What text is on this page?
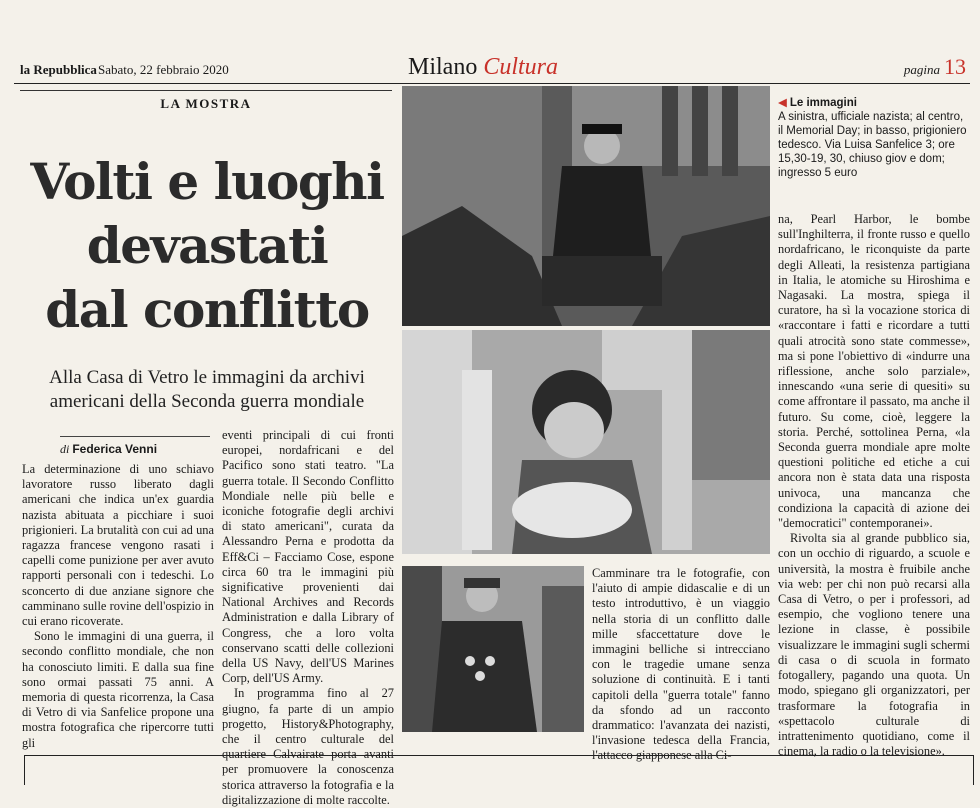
la Repubblica Sabato, 22 febbraio 2020	Milano Cultura	pagina 13
LA MOSTRA
Volti e luoghi
devastati
dal conflitto
Alla Casa di Vetro le immagini da archivi americani della Seconda guerra mondiale
di Federica Venni

La determinazione di uno schiavo lavoratore russo liberato dagli americani che indica un'ex guardia nazista abituata a picchiare i suoi prigionieri. La brutalità con cui ad una ragazza francese vengono rasati i capelli come punizione per aver avuto rapporti personali con i tedeschi. Lo sconcerto di due anziane signore che camminano sulle rovine dell'ospizio in cui erano ricoverate.

Sono le immagini di una guerra, il secondo conflitto mondiale, che non ha conosciuto limiti. E dalla sua fine sono ormai passati 75 anni. A memoria di questa ricorrenza, la Casa di Vetro di via Sanfelice propone una mostra fotografica che ripercorre tutti gli

eventi principali di cui fronti europei, nordafricani e del Pacifico sono stati teatro. "La guerra totale. Il Secondo Conflitto Mondiale nelle più belle e iconiche fotografie degli archivi di stato americani", curata da Alessandro Perna e prodotta da Eff&Ci – Facciamo Cose, espone circa 60 tra le immagini più significative provenienti dai National Archives and Records Administration e dalla Library of Congress, che a loro volta conservano scatti delle collezioni della US Navy, dell'US Marines Corp, dell'US Army.

In programma fino al 27 giugno, fa parte di un ampio progetto, History&Photography, che il centro culturale del quartiere Calvairate porta avanti per promuovere la conoscenza storica attraverso la fotografia e la digitalizzazione di molte raccolte.

Camminare tra le fotografie, con l'aiuto di ampie didascalie e di un testo introduttivo, è un viaggio nella storia di un conflitto dalle mille sfaccettature dove le immagini belliche si intrecciano con le tragedie umane senza soluzione di continuità. E i tanti capitoli della "guerra totale" fanno da sfondo ad un racconto drammatico: l'avanzata dei nazisti, l'invasione tedesca della Francia, l'attacco giapponese alla Ci-

◀ Le immagini
A sinistra, ufficiale nazista; al centro, il Memorial Day; in basso, prigioniero tedesco. Via Luisa Sanfelice 3; ore 15,30-19, 30, chiuso giov e dom; ingresso 5 euro

na, Pearl Harbor, le bombe sull'Inghilterra, il fronte russo e quello nordafricano, le riconquiste da parte degli Alleati, la resistenza partigiana in Italia, le atomiche su Hiroshima e Nagasaki. La mostra, spiega il curatore, ha sì la vocazione storica di «raccontare i fatti e ricordare a tutti quali atrocità sono state commesse», ma si pone l'obiettivo di «indurre una riflessione, anche solo parziale», innescando «una serie di quesiti» su come affrontare il passato, ma anche il futuro. Su come, cioè, leggere la storia. Perché, sottolinea Perna, «la Seconda guerra mondiale apre molte questioni politiche ed etiche a cui ancora non è stata data una risposta univoca, una mancanza che condiziona la capacità di azione dei "democratici" contemporanei».

Rivolta sia al grande pubblico sia, con un occhio di riguardo, a scuole e università, la mostra è fruibile anche via web: per chi non può recarsi alla Casa di Vetro, o per i professori, ad esempio, che vogliono tenere una lezione in classe, è possibile visualizzare le immagini sugli schermi di casa o di scuola in formato fotogallery, pagando una quota. Un modo, spiegano gli organizzatori, per trasformare la fotografia in «spettacolo culturale di intrattenimento quotidiano, come il cinema, la radio o la televisione».
